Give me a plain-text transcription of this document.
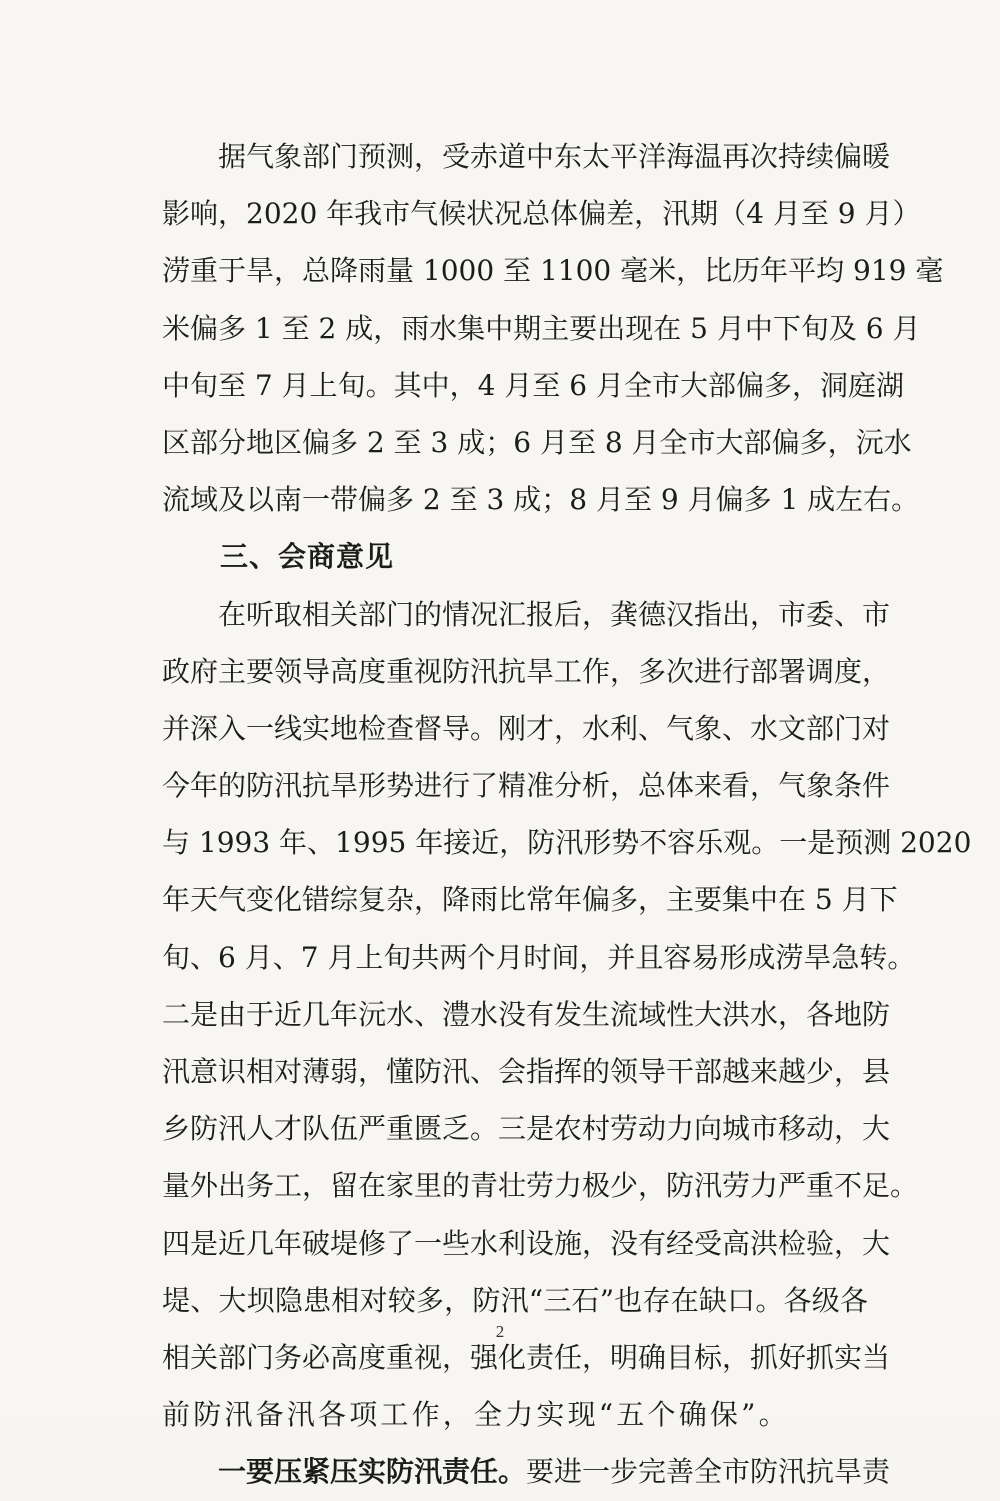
　　据气象部门预测，受赤道中东太平洋海温再次持续偏暖
影响，2020 年我市气候状况总体偏差，汛期（4 月至 9 月）
涝重于旱，总降雨量 1000 至 1100 毫米，比历年平均 919 毫
米偏多 1 至 2 成，雨水集中期主要出现在 5 月中下旬及 6 月
中旬至 7 月上旬。其中，4 月至 6 月全市大部偏多，洞庭湖
区部分地区偏多 2 至 3 成；6 月至 8 月全市大部偏多，沅水
流域及以南一带偏多 2 至 3 成；8 月至 9 月偏多 1 成左右。
　　三、会商意见
　　在听取相关部门的情况汇报后，龚德汉指出，市委、市
政府主要领导高度重视防汛抗旱工作，多次进行部署调度，
并深入一线实地检查督导。刚才，水利、气象、水文部门对
今年的防汛抗旱形势进行了精准分析，总体来看，气象条件
与 1993 年、1995 年接近，防汛形势不容乐观。一是预测 2020
年天气变化错综复杂，降雨比常年偏多，主要集中在 5 月下
旬、6 月、7 月上旬共两个月时间，并且容易形成涝旱急转。
二是由于近几年沅水、澧水没有发生流域性大洪水，各地防
汛意识相对薄弱，懂防汛、会指挥的领导干部越来越少，县
乡防汛人才队伍严重匮乏。三是农村劳动力向城市移动，大
量外出务工，留在家里的青壮劳力极少，防汛劳力严重不足。
四是近几年破堤修了一些水利设施，没有经受高洪检验，大
堤、大坝隐患相对较多，防汛“三石”也存在缺口。各级各
相关部门务必高度重视，强化责任，明确目标，抓好抓实当
前防汛备汛各项工作，全力实现“五个确保”。
　　一要压紧压实防汛责任。要进一步完善全市防汛抗旱责
2
